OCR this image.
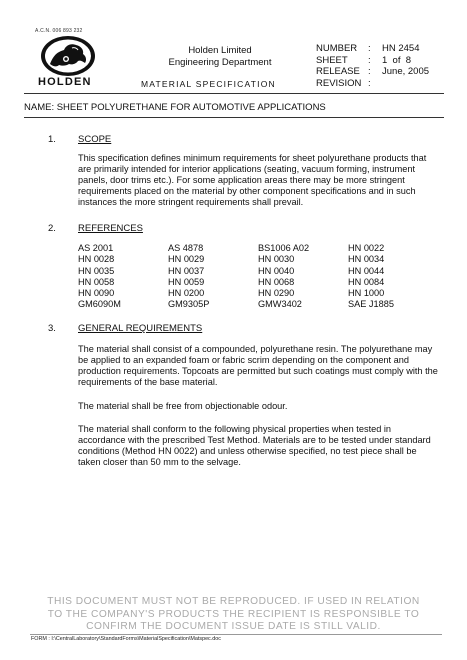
A.C.N. 006 893 232
HOLDEN
Holden Limited
Engineering Department
MATERIAL SPECIFICATION
NUMBER	:	HN 2454
SHEET	:	1  of  8
RELEASE :	June, 2005
REVISION :
NAME: SHEET POLYURETHANE FOR AUTOMOTIVE APPLICATIONS
1. SCOPE
This specification defines minimum requirements for sheet polyurethane products that are primarily intended for interior applications (seating, vacuum forming, instrument panels, door trims etc.). For some application areas there may be more stringent requirements placed on the material by other component specifications and in such instances the more stringent requirements shall prevail.
2. REFERENCES
AS 2001	AS 4878	BS1006 A02	HN 0022
HN 0028	HN 0029	HN 0030	HN 0034
HN 0035	HN 0037	HN 0040	HN 0044
HN 0058	HN 0059	HN 0068	HN 0084
HN 0090	HN 0200	HN 0290	HN 1000
GM6090M	GM9305P	GMW3402	SAE J1885
3. GENERAL REQUIREMENTS
The material shall consist of a compounded, polyurethane resin. The polyurethane may be applied to an expanded foam or fabric scrim depending on the component and production requirements. Topcoats are permitted but such coatings must comply with the requirements of the base material.
The material shall be free from objectionable odour.
The material shall conform to the following physical properties when tested in accordance with the prescribed Test Method. Materials are to be tested under standard conditions (Method HN 0022) and unless otherwise specified, no test piece shall be taken closer than 50 mm to the selvage.
THIS DOCUMENT MUST NOT BE REPRODUCED. IF USED IN RELATION
TO THE COMPANY'S PRODUCTS THE RECIPIENT IS RESPONSIBLE TO
CONFIRM THE DOCUMENT ISSUE DATE IS STILL VALID.
FORM : I:\CentralLaboratory\StandardForms\MaterialSpecification\Matspec.doc
